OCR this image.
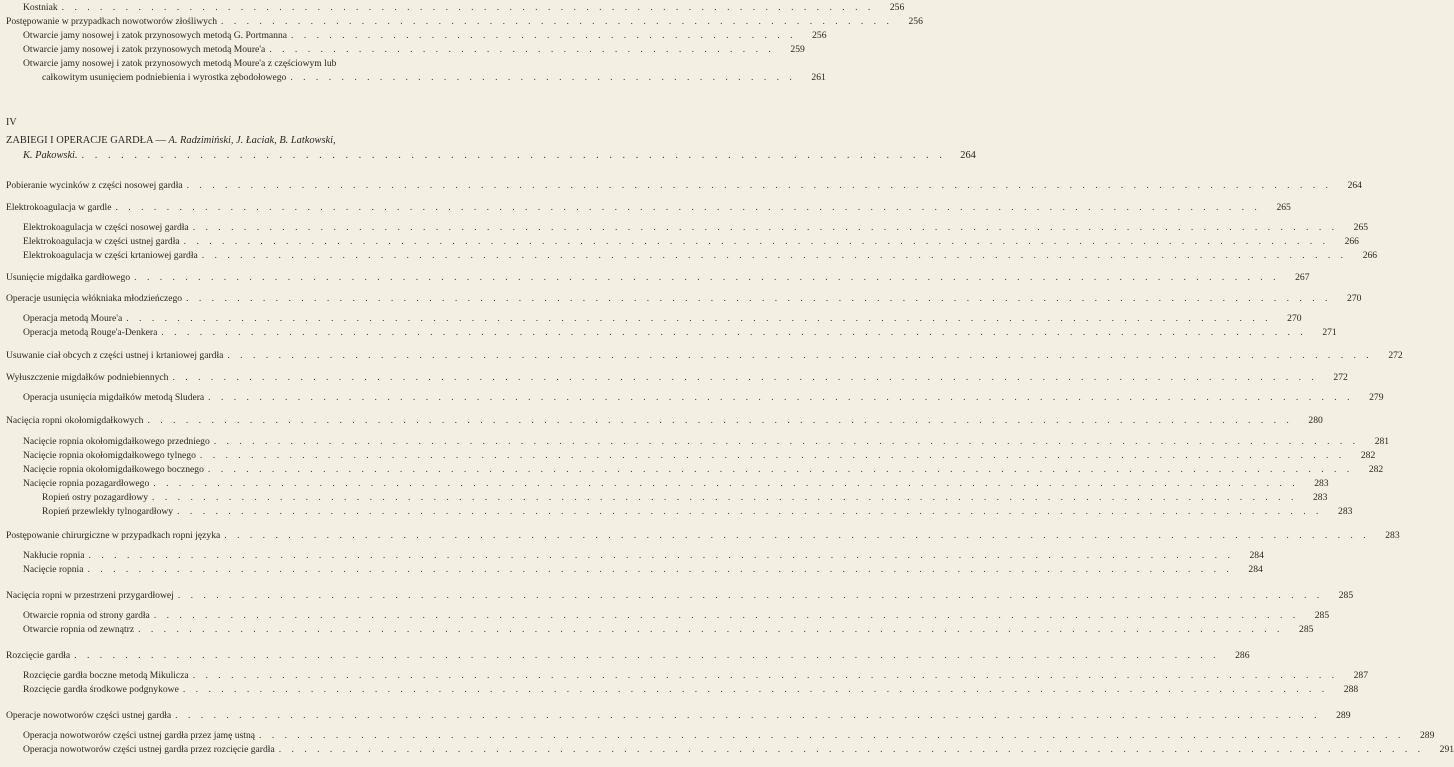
Kostniak . . . . . . . . . . . . . . . . . . . . . . . . . . . . . . . . . . . . . . . . . . . . . . . . . . . . . . . . . . . . . . . .	256
Postępowanie w przypadkach nowotworów złośliwych . . . . . . . . . . . . . . . . . . . . . . . . . . . . . . . . . . . . . . . . . . . . . . . . . . . . .	256
Otwarcie jamy nosowej i zatok przynosowych metodą G. Portmanna . . . . . . . . . . . . . . . . . . . . . . . . . . . . . . . . . . . . . . . .	256
Otwarcie jamy nosowej i zatok przynosowych metodą Moure'a . . . . . . . . . . . . . . . . . . . . . . . . . . . . . . . . . . . . . . . .	259
Otwarcie jamy nosowej i zatok przynosowych metodą Moure'a z częściowym lub
całkowitym usunięciem podniebienia i wyrostka zębodołowego . . . . . . . . . . . . . . . . . . . . . . . . . . . . . . . . . . . . . . . .	261
IV
ZABIEGI I OPERACJE GARDŁA — A. Radzimiński, J. Łaciak, B. Latkowski,
K. Pakowski. . . . . . . . . . . . . . . . . . . . . . . . . . . . . . . . . . . . . . . . . . . . . . . . . . . . . . . . . . . . . . . . . . .	264
Pobieranie wycinków z części nosowej gardła . . . . . . . . . . . . . . . . . . . . . . . . . . . . . . . . . . . . . . . . . . . . . . . . . . . . . . . . . . . . . . . . . . . . . . . . . . . . . . . . . . . . . . . . . .	264
Elektrokoagulacja w gardle . . . . . . . . . . . . . . . . . . . . . . . . . . . . . . . . . . . . . . . . . . . . . . . . . . . . . . . . . . . . . . . . . . . . . . . . . . . . . . . . . . . . . . . . . .	265
Elektrokoagulacja w części nosowej gardła . . . . . . . . . . . . . . . . . . . . . . . . . . . . . . . . . . . . . . . . . . . . . . . . . . . . . . . . . . . . . . . . . . . . . . . . . . . . . . . . . . . . . . . . . .	265
Elektrokoagulacja w części ustnej gardła . . . . . . . . . . . . . . . . . . . . . . . . . . . . . . . . . . . . . . . . . . . . . . . . . . . . . . . . . . . . . . . . . . . . . . . . . . . . . . . . . . . . . . . . . .	266
Elektrokoagulacja w części krtaniowej gardła . . . . . . . . . . . . . . . . . . . . . . . . . . . . . . . . . . . . . . . . . . . . . . . . . . . . . . . . . . . . . . . . . . . . . . . . . . . . . . . . . . . . . . . . . .	266
Usunięcie migdałka gardłowego . . . . . . . . . . . . . . . . . . . . . . . . . . . . . . . . . . . . . . . . . . . . . . . . . . . . . . . . . . . . . . . . . . . . . . . . . . . . . . . . . . . . . . . . . .	267
Operacje usunięcia włókniaka młodzieńczego . . . . . . . . . . . . . . . . . . . . . . . . . . . . . . . . . . . . . . . . . . . . . . . . . . . . . . . . . . . . . . . . . . . . . . . . . . . . . . . . . . . . . . . . . .	270
Operacja metodą Moure'a . . . . . . . . . . . . . . . . . . . . . . . . . . . . . . . . . . . . . . . . . . . . . . . . . . . . . . . . . . . . . . . . . . . . . . . . . . . . . . . . . . . . . . . . . .	270
Operacja metodą Rouge'a-Denkera . . . . . . . . . . . . . . . . . . . . . . . . . . . . . . . . . . . . . . . . . . . . . . . . . . . . . . . . . . . . . . . . . . . . . . . . . . . . . . . . . . . . . . . . . .	271
Usuwanie ciał obcych z części ustnej i krtaniowej gardła . . . . . . . . . . . . . . . . . . . . . . . . . . . . . . . . . . . . . . . . . . . . . . . . . . . . . . . . . . . . . . . . . . . . . . . . . . . . . . . . . . . . . . . . . .	272
Wyłuszczenie migdałków podniebiennych . . . . . . . . . . . . . . . . . . . . . . . . . . . . . . . . . . . . . . . . . . . . . . . . . . . . . . . . . . . . . . . . . . . . . . . . . . . . . . . . . . . . . . . . . .	272
Operacja usunięcia migdałków metodą Sludera . . . . . . . . . . . . . . . . . . . . . . . . . . . . . . . . . . . . . . . . . . . . . . . . . . . . . . . . . . . . . . . . . . . . . . . . . . . . . . . . . . . . . . . . . .	279
Nacięcia ropni okołomigdałkowych . . . . . . . . . . . . . . . . . . . . . . . . . . . . . . . . . . . . . . . . . . . . . . . . . . . . . . . . . . . . . . . . . . . . . . . . . . . . . . . . . . . . . . . . . .	280
Nacięcie ropnia okołomigdałkowego przedniego . . . . . . . . . . . . . . . . . . . . . . . . . . . . . . . . . . . . . . . . . . . . . . . . . . . . . . . . . . . . . . . . . . . . . . . . . . . . . . . . . . . . . . . . . .	281
Nacięcie ropnia okołomigdałkowego tylnego . . . . . . . . . . . . . . . . . . . . . . . . . . . . . . . . . . . . . . . . . . . . . . . . . . . . . . . . . . . . . . . . . . . . . . . . . . . . . . . . . . . . . . . . . .	282
Nacięcie ropnia okołomigdałkowego bocznego . . . . . . . . . . . . . . . . . . . . . . . . . . . . . . . . . . . . . . . . . . . . . . . . . . . . . . . . . . . . . . . . . . . . . . . . . . . . . . . . . . . . . . . . . .	282
Nacięcie ropnia pozagardłowego . . . . . . . . . . . . . . . . . . . . . . . . . . . . . . . . . . . . . . . . . . . . . . . . . . . . . . . . . . . . . . . . . . . . . . . . . . . . . . . . . . . . . . . . . .	283
Ropień ostry pozagardłowy . . . . . . . . . . . . . . . . . . . . . . . . . . . . . . . . . . . . . . . . . . . . . . . . . . . . . . . . . . . . . . . . . . . . . . . . . . . . . . . . . . . . . . . . . .	283
Ropień przewlekły tylnogardłowy . . . . . . . . . . . . . . . . . . . . . . . . . . . . . . . . . . . . . . . . . . . . . . . . . . . . . . . . . . . . . . . . . . . . . . . . . . . . . . . . . . . . . . . . . .	283
Postępowanie chirurgiczne w przypadkach ropni języka . . . . . . . . . . . . . . . . . . . . . . . . . . . . . . . . . . . . . . . . . . . . . . . . . . . . . . . . . . . . . . . . . . . . . . . . . . . . . . . . . . . . . . . . . .	283
Nakłucie ropnia . . . . . . . . . . . . . . . . . . . . . . . . . . . . . . . . . . . . . . . . . . . . . . . . . . . . . . . . . . . . . . . . . . . . . . . . . . . . . . . . . . . . . . . . . .	284
Nacięcie ropnia . . . . . . . . . . . . . . . . . . . . . . . . . . . . . . . . . . . . . . . . . . . . . . . . . . . . . . . . . . . . . . . . . . . . . . . . . . . . . . . . . . . . . . . . . .	284
Nacięcia ropni w przestrzeni przygardłowej . . . . . . . . . . . . . . . . . . . . . . . . . . . . . . . . . . . . . . . . . . . . . . . . . . . . . . . . . . . . . . . . . . . . . . . . . . . . . . . . . . . . . . . . . .	285
Otwarcie ropnia od strony gardła . . . . . . . . . . . . . . . . . . . . . . . . . . . . . . . . . . . . . . . . . . . . . . . . . . . . . . . . . . . . . . . . . . . . . . . . . . . . . . . . . . . . . . . . . .	285
Otwarcie ropnia od zewnątrz . . . . . . . . . . . . . . . . . . . . . . . . . . . . . . . . . . . . . . . . . . . . . . . . . . . . . . . . . . . . . . . . . . . . . . . . . . . . . . . . . . . . . . . . . .	285
Rozcięcie gardła . . . . . . . . . . . . . . . . . . . . . . . . . . . . . . . . . . . . . . . . . . . . . . . . . . . . . . . . . . . . . . . . . . . . . . . . . . . . . . . . . . . . . . . . . .	286
Rozcięcie gardła boczne metodą Mikulicza . . . . . . . . . . . . . . . . . . . . . . . . . . . . . . . . . . . . . . . . . . . . . . . . . . . . . . . . . . . . . . . . . . . . . . . . . . . . . . . . . . . . . . . . . .	287
Rozcięcie gardła środkowe podgnykowe . . . . . . . . . . . . . . . . . . . . . . . . . . . . . . . . . . . . . . . . . . . . . . . . . . . . . . . . . . . . . . . . . . . . . . . . . . . . . . . . . . . . . . . . . .	288
Operacje nowotworów części ustnej gardła . . . . . . . . . . . . . . . . . . . . . . . . . . . . . . . . . . . . . . . . . . . . . . . . . . . . . . . . . . . . . . . . . . . . . . . . . . . . . . . . . . . . . . . . . .	289
Operacja nowotworów części ustnej gardła przez jamę ustną . . . . . . . . . . . . . . . . . . . . . . . . . . . . . . . . . . . . . . . . . . . . . . . . . . . . . . . . . . . . . . . . . . . . . . . . . . . . . . . . . . . . . . . . . .	289
Operacja nowotworów części ustnej gardła przez rozcięcie gardła . . . . . . . . . . . . . . . . . . . . . . . . . . . . . . . . . . . . . . . . . . . . . . . . . . . . . . . . . . . . . . . . . . . . . . . . . . . . . . . . . . . . . . . . . .	291
